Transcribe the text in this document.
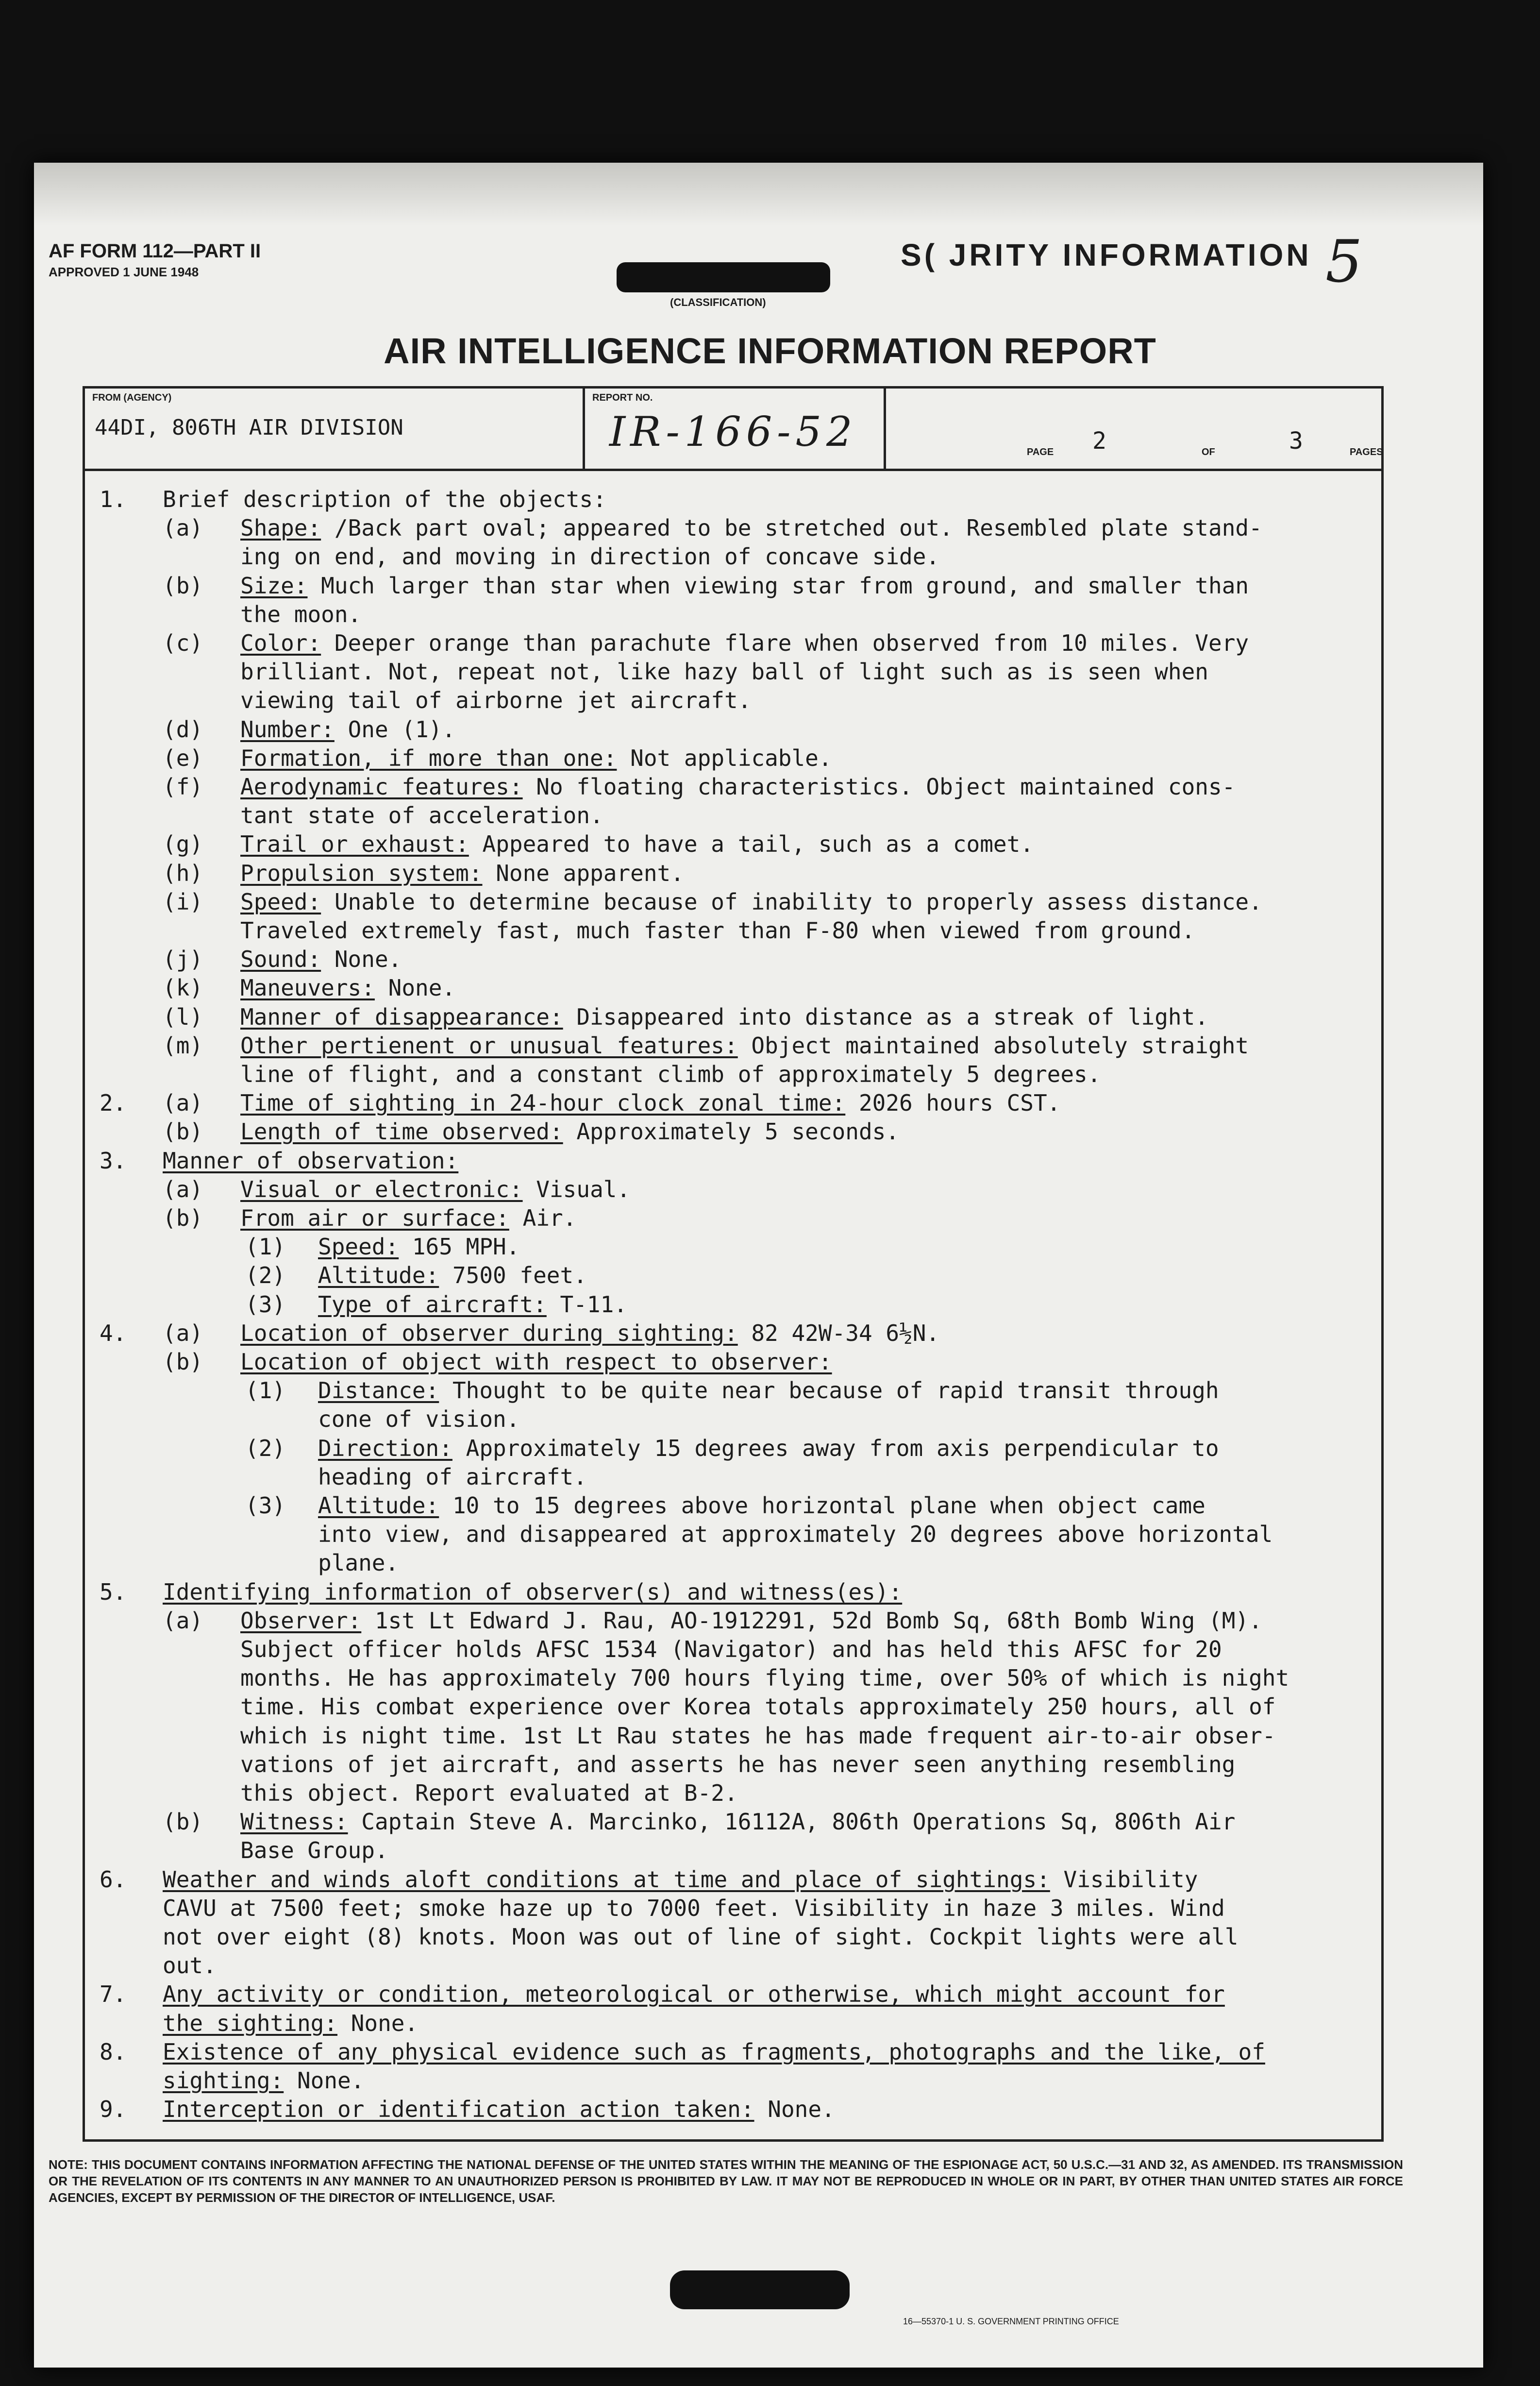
AF FORM 112—PART II
APPROVED 1 JUNE 1948	S( JRITY INFORMATION 5
(CLASSIFICATION)
AIR INTELLIGENCE INFORMATION REPORT
FROM (AGENCY)
44DI, 806TH AIR DIVISION
REPORT NO.
IR-166-52	PAGE 2	OF	3	PAGES
1. Brief description of the objects:
(a) Shape: /Back part oval; appeared to be stretched out. Resembled plate stand-
ing on end, and moving in direction of concave side.
(b) Size: Much larger than star when viewing star from ground, and smaller than
the moon.
(c) Color: Deeper orange than parachute flare when observed from 10 miles. Very
brilliant. Not, repeat not, like hazy ball of light such as is seen when
viewing tail of airborne jet aircraft.
(d) Number: One (1).
(e) Formation, if more than one: Not applicable.
(f) Aerodynamic features: No floating characteristics. Object maintained cons-
tant state of acceleration.
(g) Trail or exhaust: Appeared to have a tail, such as a comet.
(h) Propulsion system: None apparent.
(i) Speed: Unable to determine because of inability to properly assess distance.
Traveled extremely fast, much faster than F-80 when viewed from ground.
(j) Sound: None.
(k) Maneuvers: None.
(l) Manner of disappearance: Disappeared into distance as a streak of light.
(m) Other pertienent or unusual features: Object maintained absolutely straight
line of flight, and a constant climb of approximately 5 degrees.
2. (a) Time of sighting in 24-hour clock zonal time: 2026 hours CST.
(b) Length of time observed: Approximately 5 seconds.
3. Manner of observation:
(a) Visual or electronic: Visual.
(b) From air or surface: Air.
(1) Speed: 165 MPH.
(2) Altitude: 7500 feet.
(3) Type of aircraft: T-11.
4. (a) Location of observer during sighting: 82 42W-34 6½N.
(b) Location of object with respect to observer:
(1) Distance: Thought to be quite near because of rapid transit through
cone of vision.
(2) Direction: Approximately 15 degrees away from axis perpendicular to
heading of aircraft.
(3) Altitude: 10 to 15 degrees above horizontal plane when object came
into view, and disappeared at approximately 20 degrees above horizontal
plane.
5. Identifying information of observer(s) and witness(es):
(a) Observer: 1st Lt Edward J. Rau, AO-1912291, 52d Bomb Sq, 68th Bomb Wing (M).
Subject officer holds AFSC 1534 (Navigator) and has held this AFSC for 20
months. He has approximately 700 hours flying time, over 50% of which is night
time. His combat experience over Korea totals approximately 250 hours, all of
which is night time. 1st Lt Rau states he has made frequent air-to-air obser-
vations of jet aircraft, and asserts he has never seen anything resembling
this object. Report evaluated at B-2.
(b) Witness: Captain Steve A. Marcinko, 16112A, 806th Operations Sq, 806th Air
Base Group.
6. Weather and winds aloft conditions at time and place of sightings: Visibility
CAVU at 7500 feet; smoke haze up to 7000 feet. Visibility in haze 3 miles. Wind
not over eight (8) knots. Moon was out of line of sight. Cockpit lights were all
out.
7. Any activity or condition, meteorological or otherwise, which might account for
the sighting: None.
8. Existence of any physical evidence such as fragments, photographs and the like, of
sighting: None.
9. Interception or identification action taken: None.
NOTE: THIS DOCUMENT CONTAINS INFORMATION AFFECTING THE NATIONAL DEFENSE OF THE UNITED STATES WITHIN THE MEANING OF THE ESPIONAGE ACT, 50 U.S.C.—31 AND 32, AS AMENDED. ITS TRANSMISSION OR THE REVELATION OF ITS CONTENTS IN ANY MANNER TO AN UNAUTHORIZED PERSON IS PROHIBITED BY LAW. IT MAY NOT BE REPRODUCED IN WHOLE OR IN PART, BY OTHER THAN UNITED STATES AIR FORCE AGENCIES, EXCEPT BY PERMISSION OF THE DIRECTOR OF INTELLIGENCE, USAF.
16—55370-1 U. S. GOVERNMENT PRINTING OFFICE
